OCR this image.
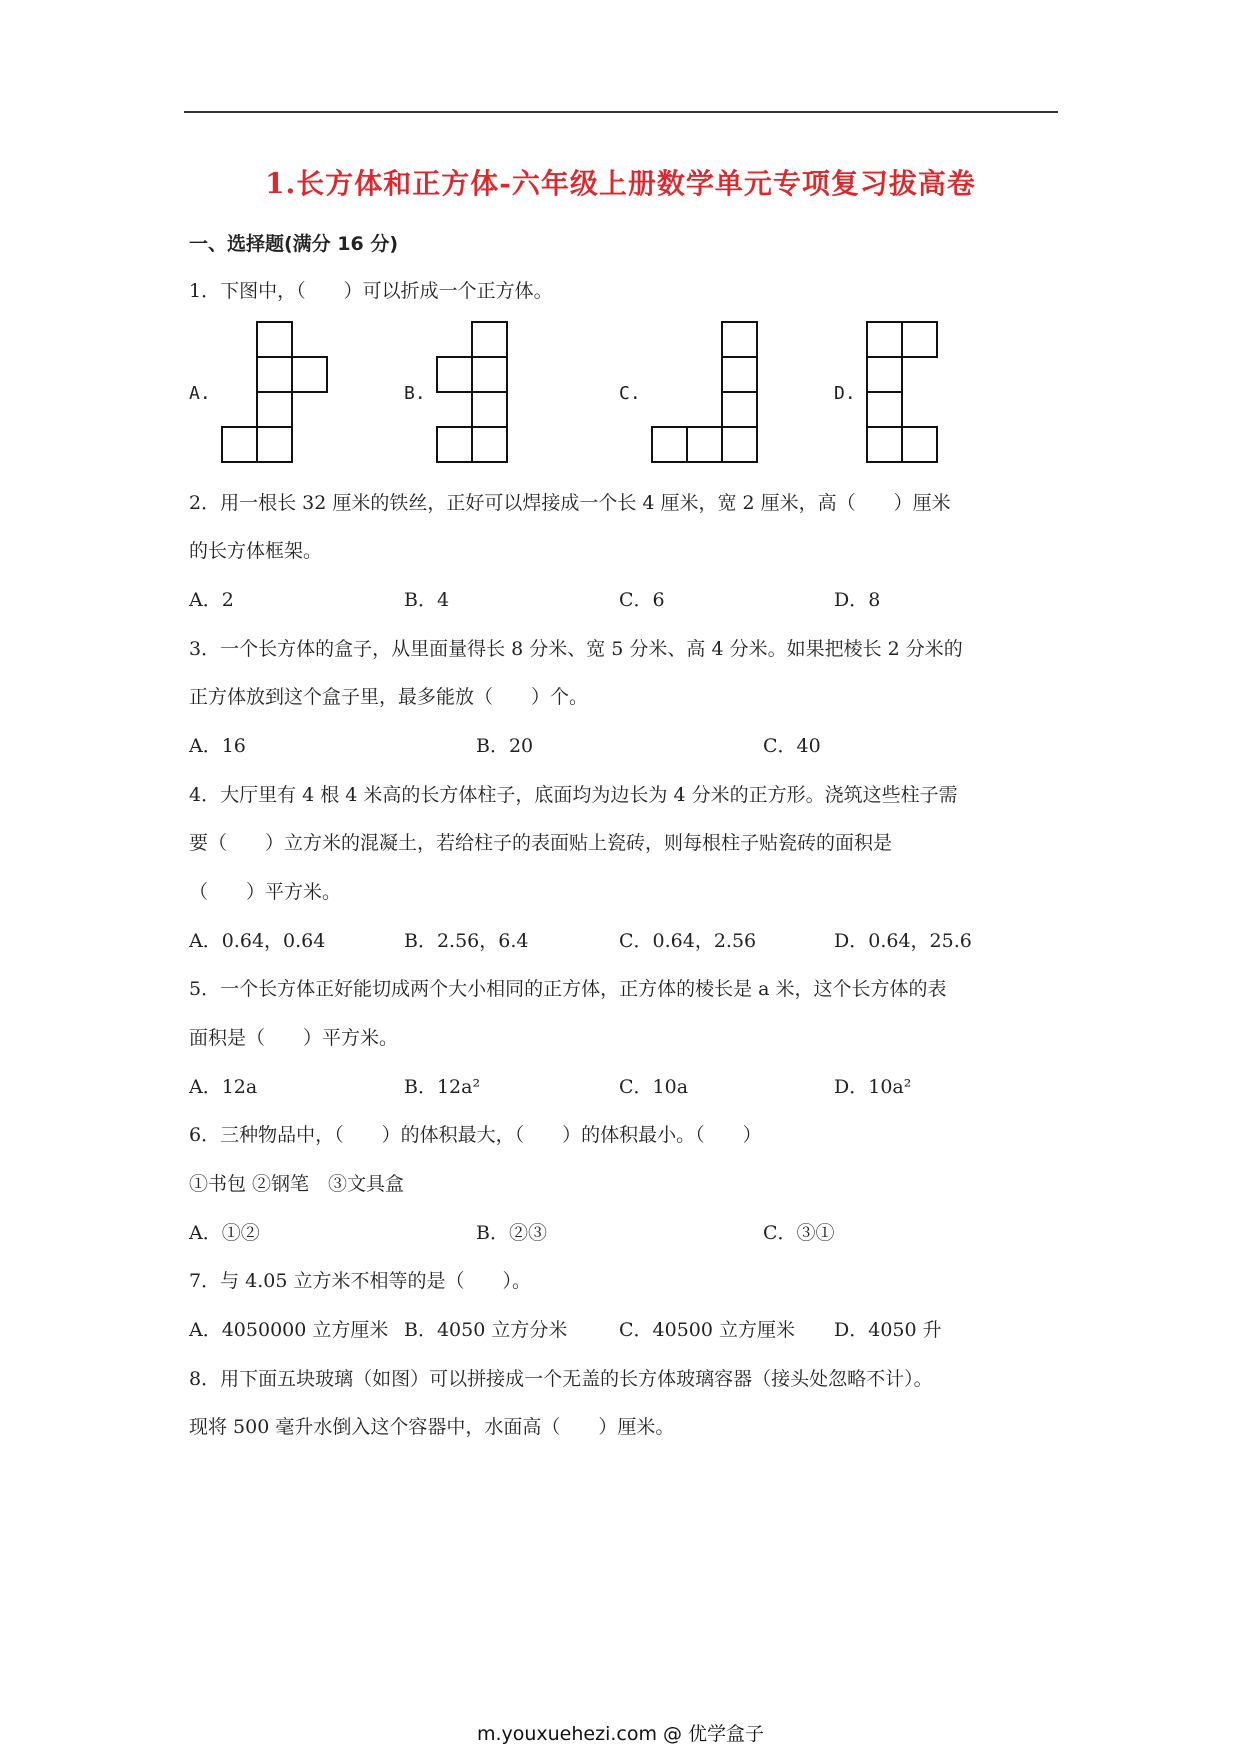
1.长方体和正方体-六年级上册数学单元专项复习拔高卷
一、选择题(满分 16 分)
1．下图中，（　　）可以折成一个正方体。
A.	B.	C.	D.
2．用一根长 32 厘米的铁丝，正好可以焊接成一个长 4 厘米，宽 2 厘米，高（　　）厘米
的长方体框架。
A．2	B．4	C．6	D．8
3．一个长方体的盒子，从里面量得长 8 分米、宽 5 分米、高 4 分米。如果把棱长 2 分米的
正方体放到这个盒子里，最多能放（　　）个。
A．16	B．20	C．40
4．大厅里有 4 根 4 米高的长方体柱子，底面均为边长为 4 分米的正方形。浇筑这些柱子需
要（　　）立方米的混凝土，若给柱子的表面贴上瓷砖，则每根柱子贴瓷砖的面积是
（　　）平方米。
A．0.64，0.64	B．2.56，6.4	C．0.64，2.56	D．0.64，25.6
5．一个长方体正好能切成两个大小相同的正方体，正方体的棱长是 a 米，这个长方体的表
面积是（　　）平方米。
A．12a	B．12a²	C．10a	D．10a²
6．三种物品中，（　　）的体积最大，（　　）的体积最小。（　　）
①书包 ②钢笔　③文具盒
A．①②	B．②③	C．③①
7．与 4.05 立方米不相等的是（　　）。
A．4050000 立方厘米 B．4050 立方分米	C．40500 立方厘米 D．4050 升
8．用下面五块玻璃（如图）可以拼接成一个无盖的长方体玻璃容器（接头处忽略不计）。
现将 500 毫升水倒入这个容器中，水面高（　　）厘米。
m.youxuehezi.com @ 优学盒子
